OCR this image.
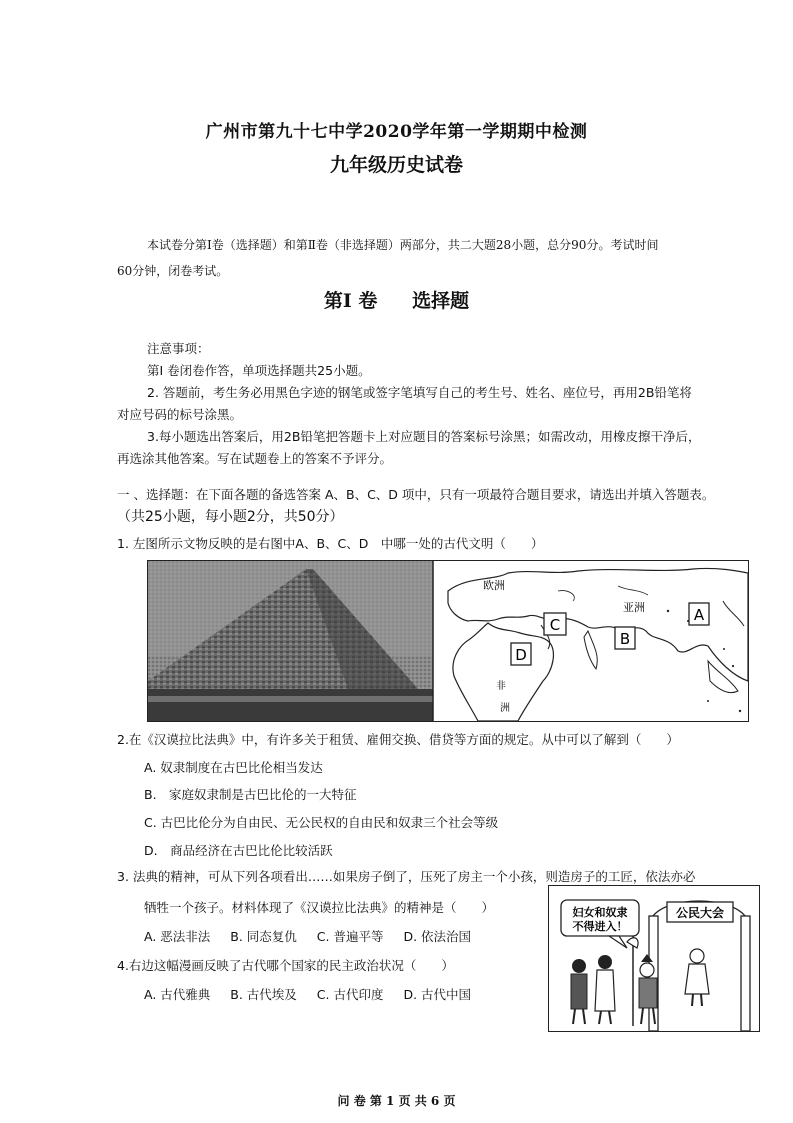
广州市第九十七中学2020学年第一学期期中检测
九年级历史试卷
本试卷分第Ⅰ卷（选择题）和第Ⅱ卷（非选择题）两部分，共二大题28小题，总分90分。考试时间
60分钟，闭卷考试。
第Ⅰ 卷 选择题
注意事项：
第Ⅰ 卷闭卷作答，单项选择题共25小题。
2. 答题前，考生务必用黑色字迹的钢笔或签字笔填写自己的考生号、姓名、座位号，再用2B铅笔将
对应号码的标号涂黑。
3.每小题选出答案后，用2B铅笔把答题卡上对应题目的答案标号涂黑；如需改动，用橡皮擦干净后，
再选涂其他答案。写在试题卷上的答案不予评分。
一 、选择题：在下面各题的备选答案 A、B、C、D 项中，只有一项最符合题目要求，请选出并填入答题表。
（共25小题，每小题2分，共50分）
1. 左图所示文物反映的是右图中A、B、C、D　中哪一处的古代文明（　　）
欧洲
亚洲
非
洲
A
B
C
D
2.在《汉谟拉比法典》中，有许多关于租赁、雇佣交换、借贷等方面的规定。从中可以了解到（　　）
A. 奴隶制度在古巴比伦相当发达
B.　家庭奴隶制是古巴比伦的一大特征
C. 古巴比伦分为自由民、无公民权的自由民和奴隶三个社会等级
D.　商品经济在古巴比伦比较活跃
3. 法典的精神，可从下列各项看出……如果房子倒了，压死了房主一个小孩，则造房子的工匠，依法亦必
牺牲一个孩子。材料体现了《汉谟拉比法典》的精神是（　　）
A. 恶法非法 B. 同态复仇 C. 普遍平等 D. 依法治国
4.右边这幅漫画反映了古代哪个国家的民主政治状况（　　）
A. 古代雅典 B. 古代埃及 C. 古代印度 D. 古代中国
妇女和奴隶
不得进入！
公民大会
问 卷 第 1 页 共 6 页
